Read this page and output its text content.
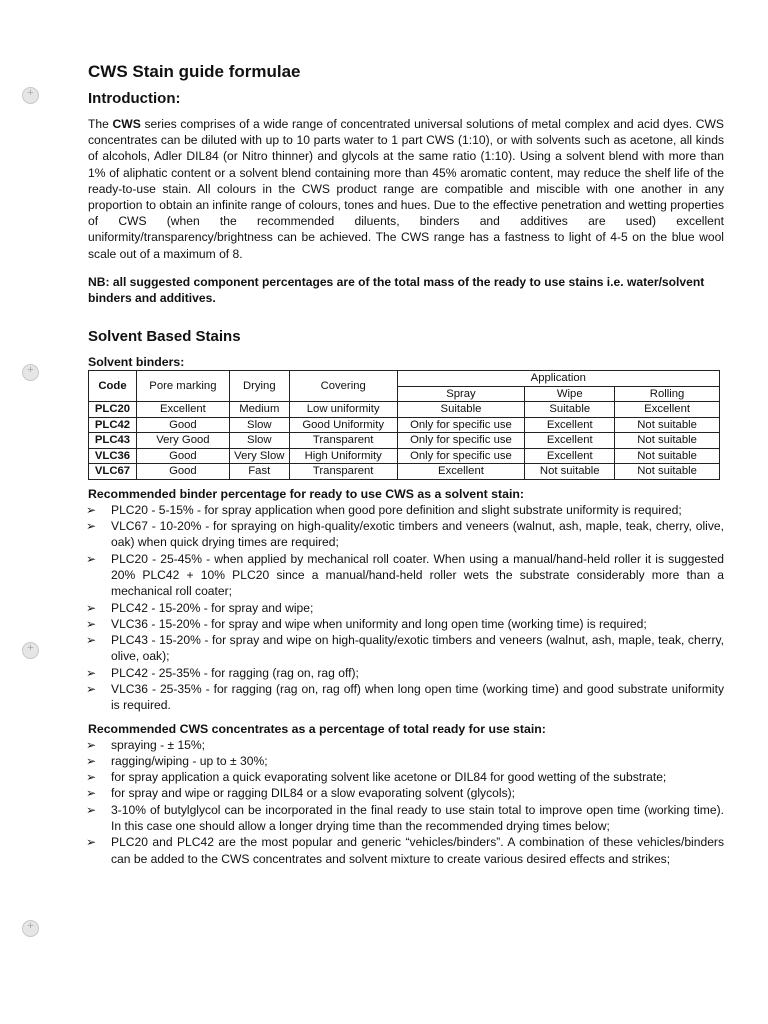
+
+
+
+
CWS Stain guide formulae
Introduction:

The CWS series comprises of a wide range of concentrated universal solutions of metal complex and acid dyes. CWS concentrates can be diluted with up to 10 parts water to 1 part CWS (1:10), or with solvents such as acetone, all kinds of alcohols, Adler DIL84 (or Nitro thinner) and glycols at the same ratio (1:10). Using a solvent blend with more than 1% of aliphatic content or a solvent blend containing more than 45% aromatic content, may reduce the shelf life of the ready-to-use stain. All colours in the CWS product range are compatible and miscible with one another in any proportion to obtain an infinite range of colours, tones and hues. Due to the effective penetration and wetting properties of CWS (when the recommended diluents, binders and additives are used) excellent uniformity/transparency/brightness can be achieved. The CWS range has a fastness to light of 4-5 on the blue wool scale out of a maximum of 8.

NB: all suggested component percentages are of the total mass of the ready to use stains i.e. water/solvent binders and additives.

Solvent Based Stains
Solvent binders:
Code	Pore marking	Drying	Covering	Application		
				Spray	Wipe	Rolling
PLC20	Excellent	Medium	Low uniformity	Suitable	Suitable	Excellent
PLC42	Good	Slow	Good Uniformity	Only for specific use	Excellent	Not suitable
PLC43	Very Good	Slow	Transparent	Only for specific use	Excellent	Not suitable
VLC36	Good	Very Slow	High Uniformity	Only for specific use	Excellent	Not suitable
VLC67	Good	Fast	Transparent	Excellent	Not suitable	Not suitable
Recommended binder percentage for ready to use CWS as a solvent stain:
➢ PLC20 - 5-15% - for spray application when good pore definition and slight substrate uniformity is required;
➢ VLC67 - 10-20% - for spraying on high-quality/exotic timbers and veneers (walnut, ash, maple, teak, cherry, olive, oak) when quick drying times are required;
➢ PLC20 - 25-45% - when applied by mechanical roll coater. When using a manual/hand-held roller it is suggested 20% PLC42 + 10% PLC20 since a manual/hand-held roller wets the substrate considerably more than a mechanical roll coater;
➢ PLC42 - 15-20% - for spray and wipe;
➢ VLC36 - 15-20% - for spray and wipe when uniformity and long open time (working time) is required;
➢ PLC43 - 15-20% - for spray and wipe on high-quality/exotic timbers and veneers (walnut, ash, maple, teak, cherry, olive, oak);
➢ PLC42 - 25-35% - for ragging (rag on, rag off);
➢ VLC36 - 25-35% - for ragging (rag on, rag off) when long open time (working time) and good substrate uniformity is required.
Recommended CWS concentrates as a percentage of total ready for use stain:
➢ spraying - ± 15%;
➢ ragging/wiping - up to ± 30%;
➢ for spray application a quick evaporating solvent like acetone or DIL84 for good wetting of the substrate;
➢ for spray and wipe or ragging DIL84 or a slow evaporating solvent (glycols);
➢ 3-10% of butylglycol can be incorporated in the final ready to use stain total to improve open time (working time). In this case one should allow a longer drying time than the recommended drying times below;
➢ PLC20 and PLC42 are the most popular and generic “vehicles/binders”. A combination of these vehicles/binders can be added to the CWS concentrates and solvent mixture to create various desired effects and strikes;
